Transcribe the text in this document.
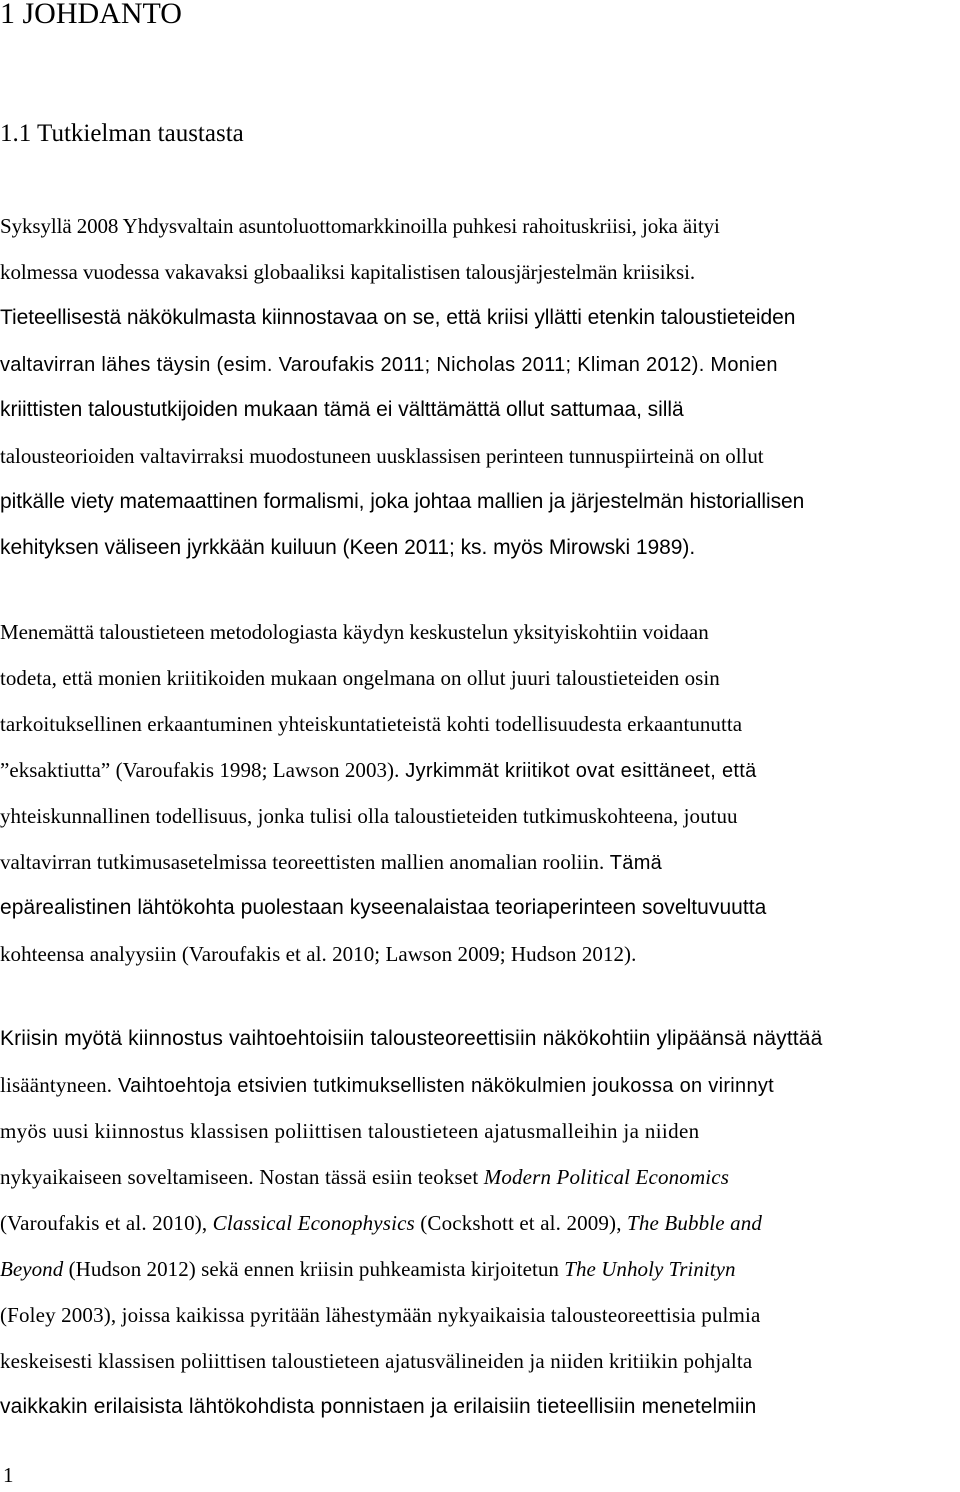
1 JOHDANTO
1.1 Tutkielman taustasta
Syksyllä 2008 Yhdysvaltain asuntoluottomarkkinoilla puhkesi rahoituskriisi, joka äityi
kolmessa vuodessa vakavaksi globaaliksi kapitalistisen talousjärjestelmän kriisiksi.
Tieteellisestä näkökulmasta kiinnostavaa on se, että kriisi yllätti etenkin taloustieteiden
valtavirran lähes täysin (esim. Varoufakis 2011; Nicholas 2011; Kliman 2012). Monien
kriittisten taloustutkijoiden mukaan tämä ei välttämättä ollut sattumaa, sillä
talousteorioiden valtavirraksi muodostuneen uusklassisen perinteen tunnuspiirteinä on ollut
pitkälle viety matemaattinen formalismi, joka johtaa mallien ja järjestelmän historiallisen
kehityksen väliseen jyrkkään kuiluun (Keen 2011; ks. myös Mirowski 1989).
Menemättä taloustieteen metodologiasta käydyn keskustelun yksityiskohtiin voidaan
todeta, että monien kriitikoiden mukaan ongelmana on ollut juuri taloustieteiden osin
tarkoituksellinen erkaantuminen yhteiskuntatieteistä kohti todellisuudesta erkaantunutta
”eksaktiutta” (Varoufakis 1998; Lawson 2003). Jyrkimmät kriitikot ovat esittäneet, että
yhteiskunnallinen todellisuus, jonka tulisi olla taloustieteiden tutkimuskohteena, joutuu
valtavirran tutkimusasetelmissa teoreettisten mallien anomalian rooliin. Tämä
epärealistinen lähtökohta puolestaan kyseenalaistaa teoriaperinteen soveltuvuutta
kohteensa analyysiin (Varoufakis et al. 2010; Lawson 2009; Hudson 2012).
Kriisin myötä kiinnostus vaihtoehtoisiin talousteoreettisiin näkökohtiin ylipäänsä näyttää
lisääntyneen. Vaihtoehtoja etsivien tutkimuksellisten näkökulmien joukossa on virinnyt
myös uusi kiinnostus klassisen poliittisen taloustieteen ajatusmalleihin ja niiden
nykyaikaiseen soveltamiseen. Nostan tässä esiin teokset Modern Political Economics
(Varoufakis et al. 2010), Classical Econophysics (Cockshott et al. 2009), The Bubble and
Beyond (Hudson 2012) sekä ennen kriisin puhkeamista kirjoitetun The Unholy Trinityn
(Foley 2003), joissa kaikissa pyritään lähestymään nykyaikaisia talousteoreettisia pulmia
keskeisesti klassisen poliittisen taloustieteen ajatusvälineiden ja niiden kritiikin pohjalta
vaikkakin erilaisista lähtökohdista ponnistaen ja erilaisiin tieteellisiin menetelmiin
1
